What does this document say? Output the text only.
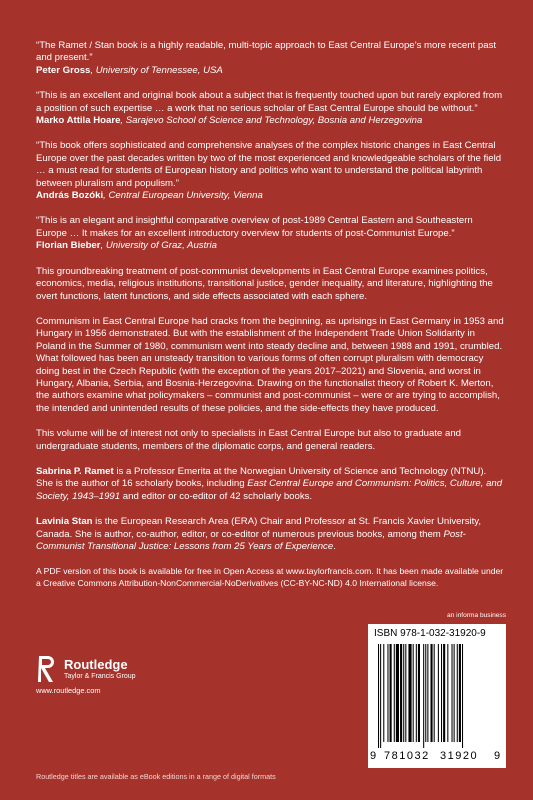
“The Ramet / Stan book is a highly readable, multi-topic approach to East Central Europe’s more recent past and present.”

Peter Gross, University of Tennessee, USA

“This is an excellent and original book about a subject that is frequently touched upon but rarely explored from a position of such expertise … a work that no serious scholar of East Central Europe should be without.”

Marko Attila Hoare, Sarajevo School of Science and Technology, Bosnia and Herzegovina

“This book offers sophisticated and comprehensive analyses of the complex historic changes in East Central Europe over the past decades written by two of the most experienced and knowledgeable scholars of the field … a must read for students of European history and politics who want to understand the political labyrinth between pluralism and populism.”

András Bozóki, Central European University, Vienna

“This is an elegant and insightful comparative overview of post-1989 Central Eastern and Southeastern Europe … It makes for an excellent introductory overview for students of post-Communist Europe.”

Florian Bieber, University of Graz, Austria

This groundbreaking treatment of post-communist developments in East Central Europe examines politics, economics, media, religious institutions, transitional justice, gender inequality, and literature, highlighting the overt functions, latent functions, and side effects associated with each sphere.

Communism in East Central Europe had cracks from the beginning, as uprisings in East Germany in 1953 and Hungary in 1956 demonstrated. But with the establishment of the Independent Trade Union Solidarity in Poland in the Summer of 1980, communism went into steady decline and, between 1988 and 1991, crumbled. What followed has been an unsteady transition to various forms of often corrupt pluralism with democracy doing best in the Czech Republic (with the exception of the years 2017–2021) and Slovenia, and worst in Hungary, Albania, Serbia, and Bosnia-Herzegovina. Drawing on the functionalist theory of Robert K. Merton, the authors examine what policymakers – communist and post-communist – were or are trying to accomplish, the intended and unintended results of these policies, and the side-effects they have produced.

This volume will be of interest not only to specialists in East Central Europe but also to graduate and undergraduate students, members of the diplomatic corps, and general readers.

Sabrina P. Ramet is a Professor Emerita at the Norwegian University of Science and Technology (NTNU). She is the author of 16 scholarly books, including East Central Europe and Communism: Politics, Culture, and Society, 1943–1991 and editor or co-editor of 42 scholarly books.

Lavinia Stan is the European Research Area (ERA) Chair and Professor at St. Francis Xavier University, Canada. She is author, co-author, editor, or co-editor of numerous previous books, among them Post-Communist Transitional Justice: Lessons from 25 Years of Experience.

A PDF version of this book is available for free in Open Access at www.taylorfrancis.com. It has been made available under a Creative Commons Attribution-NonCommercial-NoDerivatives (CC-BY-NC-ND) 4.0 International license.

Routledge
Taylor & Francis Group
www.routledge.com
Routledge titles are available as eBook editions in a range of digital formats
an informa business
ISBN 978-1-032-31920-9
9 781032 31920 9
